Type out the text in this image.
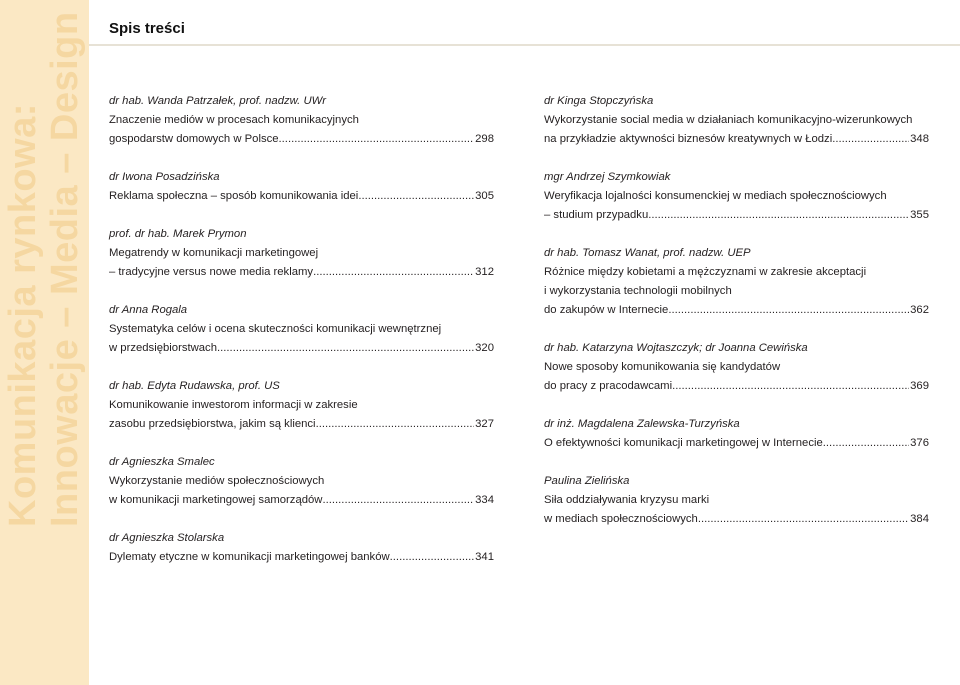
Komunikacja rynkowa: Innowacje – Media – Design Spis treści
dr hab. Wanda Patrzałek, prof. nadzw. UWr
Znaczenie mediów w procesach komunikacyjnych
gospodarstw domowych w Polsce .....	298
dr Iwona Posadzińska
Reklama społeczna – sposób komunikowania idei .....	305
prof. dr hab. Marek Prymon
Megatrendy w komunikacji marketingowej
– tradycyjne versus nowe media reklamy .....	312
dr Anna Rogala
Systematyka celów i ocena skuteczności komunikacji wewnętrznej
w przedsiębiorstwach .....	320
dr hab. Edyta Rudawska, prof. US
Komunikowanie inwestorom informacji w zakresie
zasobu przedsiębiorstwa, jakim są klienci .....	327
dr Agnieszka Smalec
Wykorzystanie mediów społecznościowych
w komunikacji marketingowej samorządów .....	334
dr Agnieszka Stolarska
Dylematy etyczne w komunikacji marketingowej banków .....	341
dr Kinga Stopczyńska
Wykorzystanie social media w działaniach komunikacyjno-wizerunkowych
na przykładzie aktywności biznesów kreatywnych w Łodzi .....	348
mgr Andrzej Szymkowiak
Weryfikacja lojalności konsumenckiej w mediach społecznościowych
– studium przypadku .....	355
dr hab. Tomasz Wanat, prof. nadzw. UEP
Różnice między kobietami a mężczyznami w zakresie akceptacji
i wykorzystania technologii mobilnych
do zakupów w Internecie .....	362
dr hab. Katarzyna Wojtaszczyk; dr Joanna Cewińska
Nowe sposoby komunikowania się kandydatów
do pracy z pracodawcami .....	369
dr inż. Magdalena Zalewska-Turzyńska
O efektywności komunikacji marketingowej w Internecie .....	376
Paulina Zielińska
Siła oddziaływania kryzysu marki
w mediach społecznościowych .....	384
